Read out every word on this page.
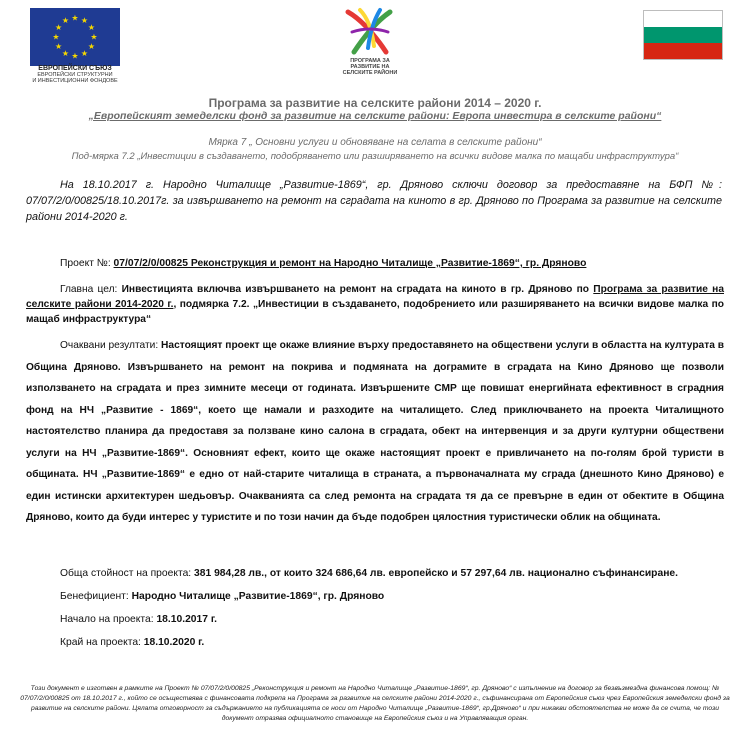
★ ★
★
★
★
★
★
★
★
★
★
★
ЕВРОПЕЙСКИ СЪЮЗ
ЕВРОПЕЙСКИ СТРУКТУРНИ
И ИНВЕСТИЦИОННИ ФОНДОВЕ
ПРОГРАМА ЗА
РАЗВИТИЕ НА
СЕЛСКИТЕ РАЙОНИ
Програма за развитие на селските райони 2014 – 2020 г.
„Европейският земеделски фонд за развитие на селските райони: Европа инвестира в селските райони“
Мярка 7 „ Основни услуги и обновяване на селата в селските райони“
Под-мярка 7.2 „Инвестиции в създаването, подобряването или разширяването на всички видове малка по мащаби инфраструктура“

На 18.10.2017 г. Народно Читалище „Развитие-1869“, гр. Дряново сключи договор за предоставяне на БФП №: 07/07/2/0/00825/18.10.2017г. за извършването на ремонт на сградата на киното в гр. Дряново по Програма за развитие на селските райони 2014-2020 г.

Проект №: 07/07/2/0/00825 Реконструкция и ремонт на Народно Читалище „Развитие-1869“, гр. Дряново

Главна цел: Инвестицията включва извършването на ремонт на сградата на киното в гр. Дряново по Програма за развитие на селските райони 2014-2020 г., подмярка 7.2. „Инвестиции в създаването, подобрението или разширяването на всички видове малка по мащаб инфраструктура“

Очаквани резултати: Настоящият проект ще окаже влияние върху предоставянето на обществени услуги в областта на културата в Община Дряново. Извършването на ремонт на покрива и подмяната на дограмите в сградата на Кино Дряново ще позволи използването на сградата и през зимните месеци от годината. Извършените СМР ще повишат енергийната ефективност в сградния фонд на НЧ „Развитие - 1869“, което ще намали и разходите на читалището. След приключването на проекта Читалищното настоятелство планира да предоставя за ползване кино салона в сградата, обект на интервенция и за други културни обществени услуги на НЧ „Развитие-1869“. Основният ефект, които ще окаже настоящият проект е привличането на по-голям брой туристи в общината. НЧ „Развитие-1869“ е едно от най-старите читалища в страната, а първоначалната му сграда (днешното Кино Дряново) е един истински архитектурен шедьовър. Очакванията са след ремонта на сградата тя да се превърне в един от обектите в Община Дряново, които да буди интерес у туристите и по този начин да бъде подобрен цялостния туристически облик на общината.

Обща стойност на проекта: 381 984,28 лв., от които 324 686,64 лв. европейско и 57 297,64 лв. национално съфинансиране.
Бенефициент: Народно Читалище „Развитие-1869“, гр. Дряново
Начало на проекта: 18.10.2017 г.
Край на проекта: 18.10.2020 г.
Този документ е изготвен в рамките на Проект № 07/07/2/0/00825 „Реконструкция и ремонт на Народно Читалище „Развитие-1869“, гр. Дряново“ с изпълнение на договор за безвъзмездна финансова помощ: № 07/07/2/0/00825 от 18.10.2017 г., който се осъществява с финансовата подкрепа на Програма за развитие на селските райони 2014-2020 г., съфинансирана от Европейския съюз чрез Европейския земеделски фонд за развитие на селските райони. Цялата отговорност за съдържанието на публикацията се носи от Народно Читалище „Развитие-1869“, гр.Дряново“ и при никакви обстоятелства не може да се счита, че този документ отразява официалното становище на Европейския съюз и на Управляващия орган.
